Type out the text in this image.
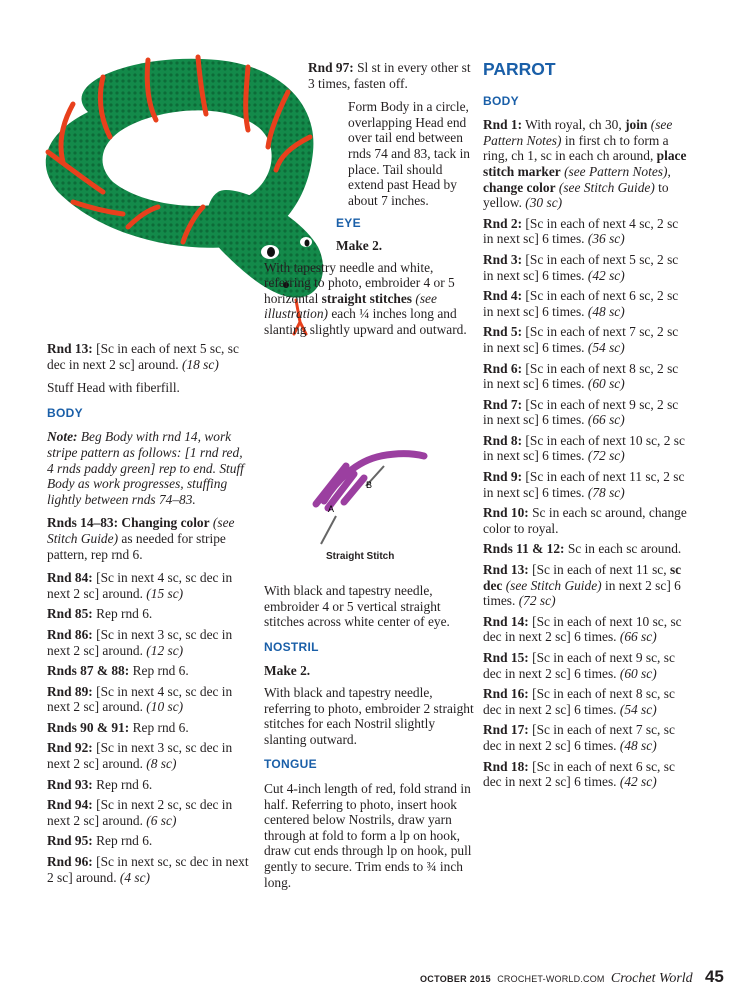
Rnd 13: [Sc in each of next 5 sc, sc dec in next 2 sc] around. (18 sc)

Stuff Head with fiberfill.

BODY

Note: Beg Body with rnd 14, work stripe pattern as follows: [1 rnd red, 4 rnds paddy green] rep to end. Stuff Body as work progresses, stuffing lightly between rnds 74–83.

Rnds 14–83: Changing color (see Stitch Guide) as needed for stripe pattern, rep rnd 6.

Rnd 84: [Sc in next 4 sc, sc dec in next 2 sc] around. (15 sc)

Rnd 85: Rep rnd 6.

Rnd 86: [Sc in next 3 sc, sc dec in next 2 sc] around. (12 sc)

Rnds 87 & 88: Rep rnd 6.

Rnd 89: [Sc in next 4 sc, sc dec in next 2 sc] around. (10 sc)

Rnds 90 & 91: Rep rnd 6.

Rnd 92: [Sc in next 3 sc, sc dec in next 2 sc] around. (8 sc)

Rnd 93: Rep rnd 6.

Rnd 94: [Sc in next 2 sc, sc dec in next 2 sc] around. (6 sc)

Rnd 95: Rep rnd 6.

Rnd 96: [Sc in next sc, sc dec in next 2 sc] around. (4 sc)

Rnd 97: Sl st in every other st 3 times, fasten off.

Form Body in a circle, overlapping Head end over tail end between rnds 74 and 83, tack in place. Tail should extend past Head by about 7 inches.

EYE
Make 2.

With tapestry needle and white, referring to photo, embroider 4 or 5 horizontal straight stitches (see illustration) each ¼ inches long and slanting slightly upward and outward.

A
B
Straight Stitch

With black and tapestry needle, embroider 4 or 5 vertical straight stitches across white center of eye.

NOSTRIL
Make 2.

With black and tapestry needle, referring to photo, embroider 2 straight stitches for each Nostril slightly slanting outward.

TONGUE

Cut 4-inch length of red, fold strand in half. Referring to photo, insert hook centered below Nostrils, draw yarn through at fold to form a lp on hook, draw cut ends through lp on hook, pull gently to secure. Trim ends to ¾ inch long.

PARROT
BODY

Rnd 1: With royal, ch 30, join (see Pattern Notes) in first ch to form a ring, ch 1, sc in each ch around, place stitch marker (see Pattern Notes), change color (see Stitch Guide) to yellow. (30 sc)

Rnd 2: [Sc in each of next 4 sc, 2 sc in next sc] 6 times. (36 sc)

Rnd 3: [Sc in each of next 5 sc, 2 sc in next sc] 6 times. (42 sc)

Rnd 4: [Sc in each of next 6 sc, 2 sc in next sc] 6 times. (48 sc)

Rnd 5: [Sc in each of next 7 sc, 2 sc in next sc] 6 times. (54 sc)

Rnd 6: [Sc in each of next 8 sc, 2 sc in next sc] 6 times. (60 sc)

Rnd 7: [Sc in each of next 9 sc, 2 sc in next sc] 6 times. (66 sc)

Rnd 8: [Sc in each of next 10 sc, 2 sc in next sc] 6 times. (72 sc)

Rnd 9: [Sc in each of next 11 sc, 2 sc in next sc] 6 times. (78 sc)

Rnd 10: Sc in each sc around, change color to royal.

Rnds 11 & 12: Sc in each sc around.

Rnd 13: [Sc in each of next 11 sc, sc dec (see Stitch Guide) in next 2 sc] 6 times. (72 sc)

Rnd 14: [Sc in each of next 10 sc, sc dec in next 2 sc] 6 times. (66 sc)

Rnd 15: [Sc in each of next 9 sc, sc dec in next 2 sc] 6 times. (60 sc)

Rnd 16: [Sc in each of next 8 sc, sc dec in next 2 sc] 6 times. (54 sc)

Rnd 17: [Sc in each of next 7 sc, sc dec in next 2 sc] 6 times. (48 sc)

Rnd 18: [Sc in each of next 6 sc, sc dec in next 2 sc] 6 times. (42 sc)

OCTOBER 2015 CROCHET-WORLD.COM Crochet World 45
